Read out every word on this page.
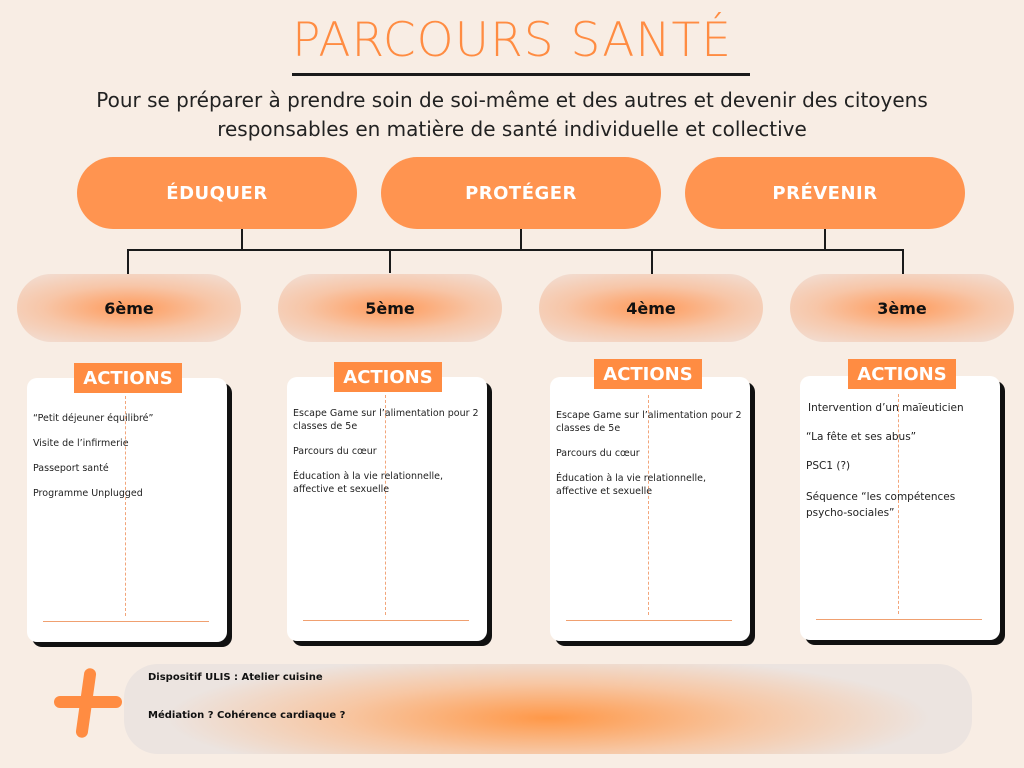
PARCOURS SANTÉ

Pour se préparer à prendre soin de soi-même et des autres et devenir des citoyens
responsables en matière de santé individuelle et collective

ÉDUQUER	PROTÉGER	PRÉVENIR
6ème	5ème	4ème	3ème
“Petit déjeuner équilibré”
Visite de l’infirmerie
Passeport santé
Programme Unplugged
ACTIONS
Escape Game sur l’alimentation pour 2 classes de 5e
Parcours du cœur
Éducation à la vie relationnelle, affective et sexuelle
ACTIONS
Escape Game sur l’alimentation pour 2 classes de 5e
Parcours du cœur
Éducation à la vie relationnelle, affective et sexuelle
ACTIONS
Intervention d’un maïeuticien
“La fête et ses abus”
PSC1 (?)
Séquence “les compétences psycho-sociales”
ACTIONS
Dispositif ULIS : Atelier cuisine
Médiation ? Cohérence cardiaque ?
